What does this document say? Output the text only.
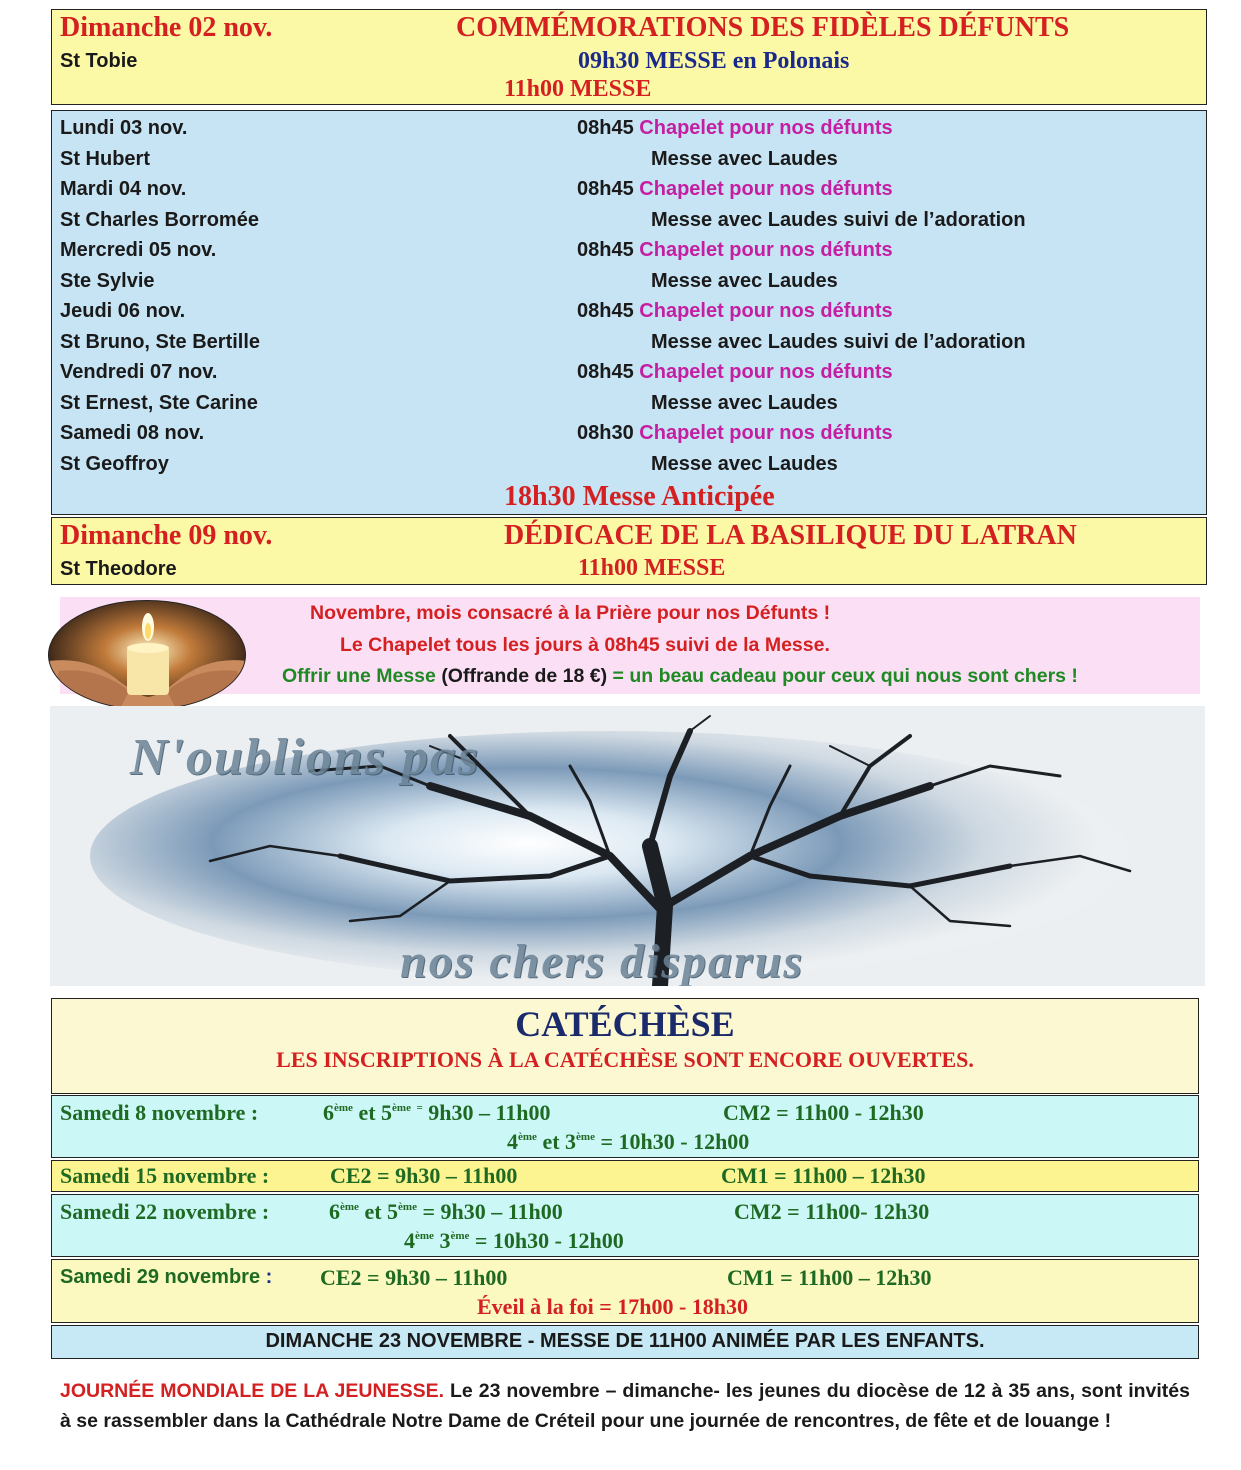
Dimanche 02 nov.	COMMÉMORATIONS DES FIDÈLES DÉFUNTS
St Tobie	09h30 MESSE en Polonais
11h00 MESSE
Lundi 03 nov.	08h45 Chapelet pour nos défunts
St Hubert	Messe avec Laudes
Mardi 04 nov.	08h45 Chapelet pour nos défunts
St Charles Borromée	Messe avec Laudes suivi de l’adoration
Mercredi 05 nov.	08h45 Chapelet pour nos défunts
Ste Sylvie	Messe avec Laudes
Jeudi 06 nov.	08h45 Chapelet pour nos défunts
St Bruno, Ste Bertille	Messe avec Laudes suivi de l’adoration
Vendredi 07 nov.	08h45 Chapelet pour nos défunts
St Ernest, Ste Carine	Messe avec Laudes
Samedi 08 nov.	08h30 Chapelet pour nos défunts
St Geoffroy	Messe avec Laudes
18h30 Messe Anticipée
Dimanche 09 nov.	DÉDICACE DE LA BASILIQUE DU LATRAN
St Theodore	11h00 MESSE
Novembre, mois consacré à la Prière pour nos Défunts !
Le Chapelet tous les jours à 08h45 suivi de la Messe.
Offrir une Messe (Offrande de 18 €) = un beau cadeau pour ceux qui nous sont chers !
N'oublions pas
nos chers disparus
CATÉCHÈSE
LES INSCRIPTIONS À LA CATÉCHÈSE SONT ENCORE OUVERTES.
Samedi 8 novembre :	6ème et 5ème = 9h30 – 11h00	CM2 = 11h00 - 12h30
4ème et 3ème = 10h30 - 12h00
Samedi 15 novembre :	CE2 = 9h30 – 11h00	CM1 = 11h00 – 12h30
Samedi 22 novembre :	6ème et 5ème = 9h30 – 11h00	CM2 = 11h00- 12h30
4ème 3ème = 10h30 - 12h00
Samedi 29 novembre : CE2 = 9h30 – 11h00	CM1 = 11h00 – 12h30
Éveil à la foi = 17h00 - 18h30
DIMANCHE 23 NOVEMBRE - MESSE DE 11H00 ANIMÉE PAR LES ENFANTS.
JOURNÉE MONDIALE DE LA JEUNESSE. Le 23 novembre – dimanche- les jeunes du diocèse de 12 à 35 ans, sont invités à se rassembler dans la Cathédrale Notre Dame de Créteil pour une journée de rencontres, de fête et de louange !
